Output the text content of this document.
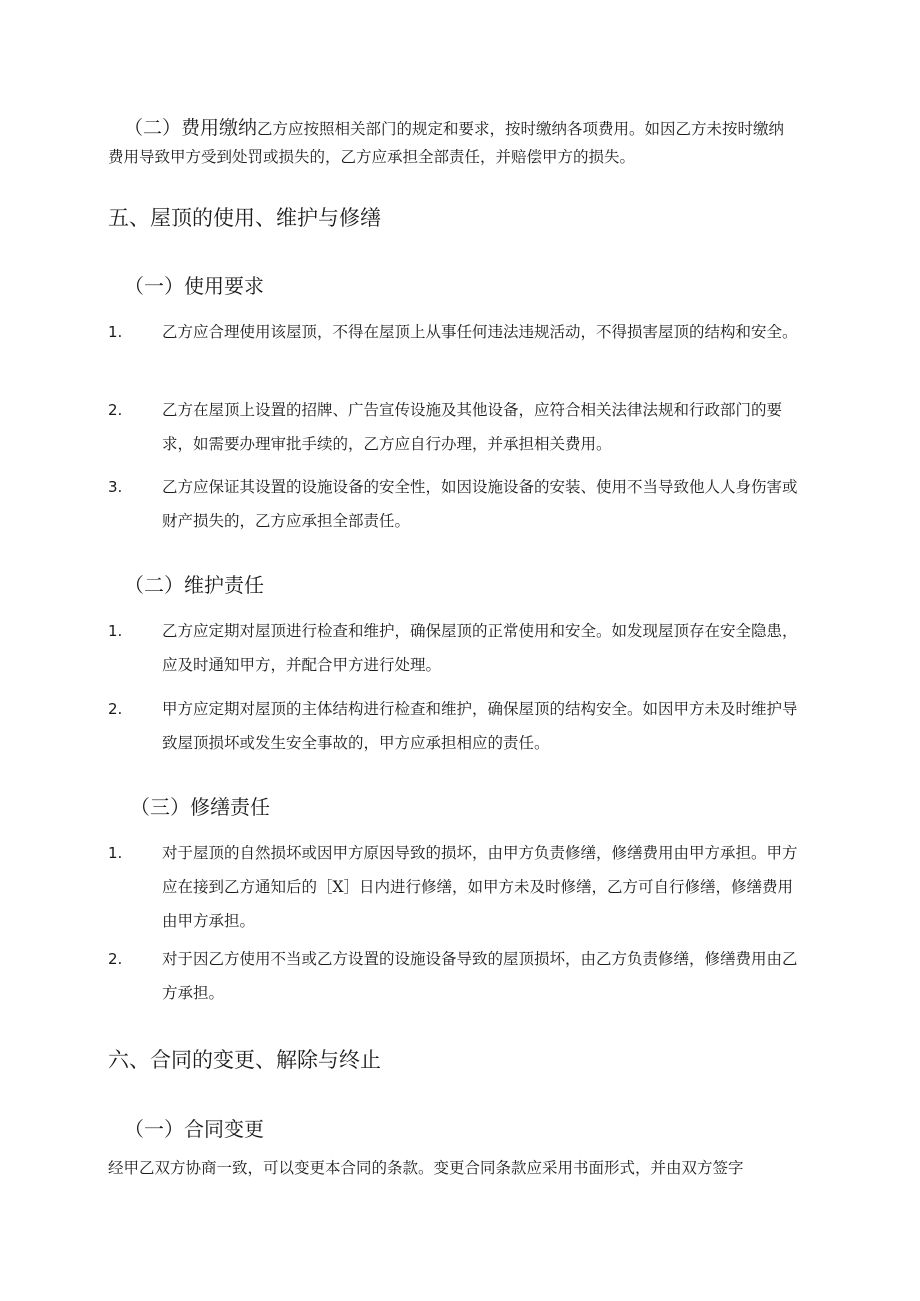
（二）费用缴纳乙方应按照相关部门的规定和要求，按时缴纳各项费用。如因乙方未按时缴纳费用导致甲方受到处罚或损失的，乙方应承担全部责任，并赔偿甲方的损失。
五、屋顶的使用、维护与修缮
（一）使用要求
1.	乙方应合理使用该屋顶，不得在屋顶上从事任何违法违规活动，不得损害屋顶的结构和安全。
2.	乙方在屋顶上设置的招牌、广告宣传设施及其他设备，应符合相关法律法规和行政部门的要求，如需要办理审批手续的，乙方应自行办理，并承担相关费用。
3.	乙方应保证其设置的设施设备的安全性，如因设施设备的安装、使用不当导致他人人身伤害或财产损失的，乙方应承担全部责任。
（二）维护责任
1.	乙方应定期对屋顶进行检查和维护，确保屋顶的正常使用和安全。如发现屋顶存在安全隐患，应及时通知甲方，并配合甲方进行处理。
2.	甲方应定期对屋顶的主体结构进行检查和维护，确保屋顶的结构安全。如因甲方未及时维护导致屋顶损坏或发生安全事故的，甲方应承担相应的责任。
（三）修缮责任
1.	对于屋顶的自然损坏或因甲方原因导致的损坏，由甲方负责修缮，修缮费用由甲方承担。甲方应在接到乙方通知后的［X］日内进行修缮，如甲方未及时修缮，乙方可自行修缮，修缮费用由甲方承担。
2.	对于因乙方使用不当或乙方设置的设施设备导致的屋顶损坏，由乙方负责修缮，修缮费用由乙方承担。
六、合同的变更、解除与终止
（一）合同变更
经甲乙双方协商一致，可以变更本合同的条款。变更合同条款应采用书面形式，并由双方签字
